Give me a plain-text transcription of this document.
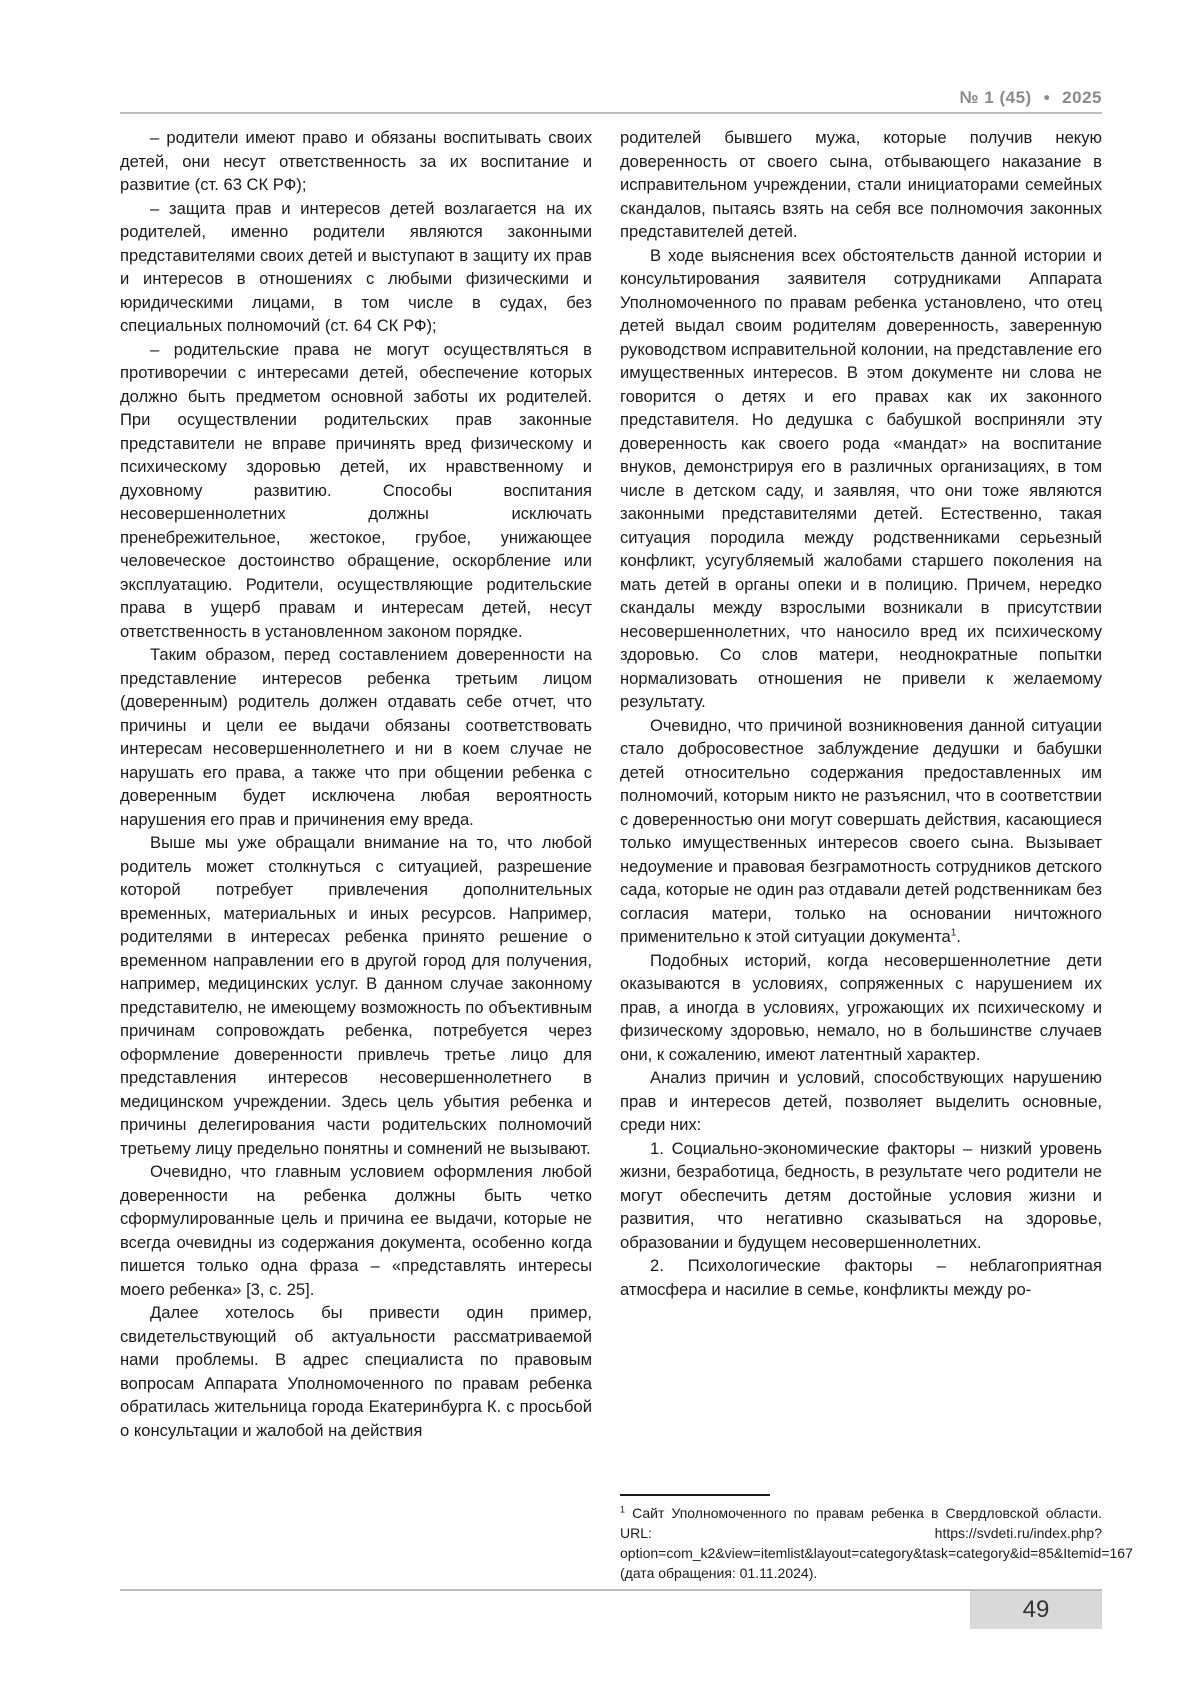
№ 1 (45) • 2025

– родители имеют право и обязаны воспитывать своих детей, они несут ответственность за их воспитание и развитие (ст. 63 СК РФ);

– защита прав и интересов детей возлагается на их родителей, именно родители являются законными представителями своих детей и выступают в защиту их прав и интересов в отношениях с любыми физическими и юридическими лицами, в том числе в судах, без специальных полномочий (ст. 64 СК РФ);

– родительские права не могут осуществляться в противоречии с интересами детей, обеспечение которых должно быть предметом основной заботы их родителей. При осуществлении родительских прав законные представители не вправе причинять вред физическому и психическому здоровью детей, их нравственному и духовному развитию. Способы воспитания несовершеннолетних должны исключать пренебрежительное, жестокое, грубое, унижающее человеческое достоинство обращение, оскорбление или эксплуатацию. Родители, осуществляющие родительские права в ущерб правам и интересам детей, несут ответственность в установленном законом порядке.

Таким образом, перед составлением доверенности на представление интересов ребенка третьим лицом (доверенным) родитель должен отдавать себе отчет, что причины и цели ее выдачи обязаны соответствовать интересам несовершеннолетнего и ни в коем случае не нарушать его права, а также что при общении ребенка с доверенным будет исключена любая вероятность нарушения его прав и причинения ему вреда.

Выше мы уже обращали внимание на то, что любой родитель может столкнуться с ситуацией, разрешение которой потребует привлечения дополнительных временных, материальных и иных ресурсов. Например, родителями в интересах ребенка принято решение о временном направлении его в другой город для получения, например, медицинских услуг. В данном случае законному представителю, не имеющему возможность по объективным причинам сопровождать ребенка, потребуется через оформление доверенности привлечь третье лицо для представления интересов несовершеннолетнего в медицинском учреждении. Здесь цель убытия ребенка и причины делегирования части родительских полномочий третьему лицу предельно понятны и сомнений не вызывают.

Очевидно, что главным условием оформления любой доверенности на ребенка должны быть четко сформулированные цель и причина ее выдачи, которые не всегда очевидны из содержания документа, особенно когда пишется только одна фраза – «представлять интересы моего ребенка» [3, с. 25].

Далее хотелось бы привести один пример, свидетельствующий об актуальности рассматриваемой нами проблемы. В адрес специалиста по правовым вопросам Аппарата Уполномоченного по правам ребенка обратилась жительница города Екатеринбурга К. с просьбой о консультации и жалобой на действия

родителей бывшего мужа, которые получив некую доверенность от своего сына, отбывающего наказание в исправительном учреждении, стали инициаторами семейных скандалов, пытаясь взять на себя все полномочия законных представителей детей.

В ходе выяснения всех обстоятельств данной истории и консультирования заявителя сотрудниками Аппарата Уполномоченного по правам ребенка установлено, что отец детей выдал своим родителям доверенность, заверенную руководством исправительной колонии, на представление его имущественных интересов. В этом документе ни слова не говорится о детях и его правах как их законного представителя. Но дедушка с бабушкой восприняли эту доверенность как своего рода «мандат» на воспитание внуков, демонстрируя его в различных организациях, в том числе в детском саду, и заявляя, что они тоже являются законными представителями детей. Естественно, такая ситуация породила между родственниками серьезный конфликт, усугубляемый жалобами старшего поколения на мать детей в органы опеки и в полицию. Причем, нередко скандалы между взрослыми возникали в присутствии несовершеннолетних, что наносило вред их психическому здоровью. Со слов матери, неоднократные попытки нормализовать отношения не привели к желаемому результату.

Очевидно, что причиной возникновения данной ситуации стало добросовестное заблуждение дедушки и бабушки детей относительно содержания предоставленных им полномочий, которым никто не разъяснил, что в соответствии с доверенностью они могут совершать действия, касающиеся только имущественных интересов своего сына. Вызывает недоумение и правовая безграмотность сотрудников детского сада, которые не один раз отдавали детей родственникам без согласия матери, только на основании ничтожного применительно к этой ситуации документа$^1$.

Подобных историй, когда несовершеннолетние дети оказываются в условиях, сопряженных с нарушением их прав, а иногда в условиях, угрожающих их психическому и физическому здоровью, немало, но в большинстве случаев они, к сожалению, имеют латентный характер.

Анализ причин и условий, способствующих нарушению прав и интересов детей, позволяет выделить основные, среди них:

1. Социально-экономические факторы – низкий уровень жизни, безработица, бедность, в результате чего родители не могут обеспечить детям достойные условия жизни и развития, что негативно сказываться на здоровье, образовании и будущем несовершеннолетних.

2. Психологические факторы – неблагоприятная атмосфера и насилие в семье, конфликты между ро-

$^1$ Сайт Уполномоченного по правам ребенка в Свердловской области. URL: https://svdeti.ru/index.php?option=com_k2&view=itemlist&layout=category&task=category&id=85&Itemid=167 (дата обращения: 01.11.2024).
49
